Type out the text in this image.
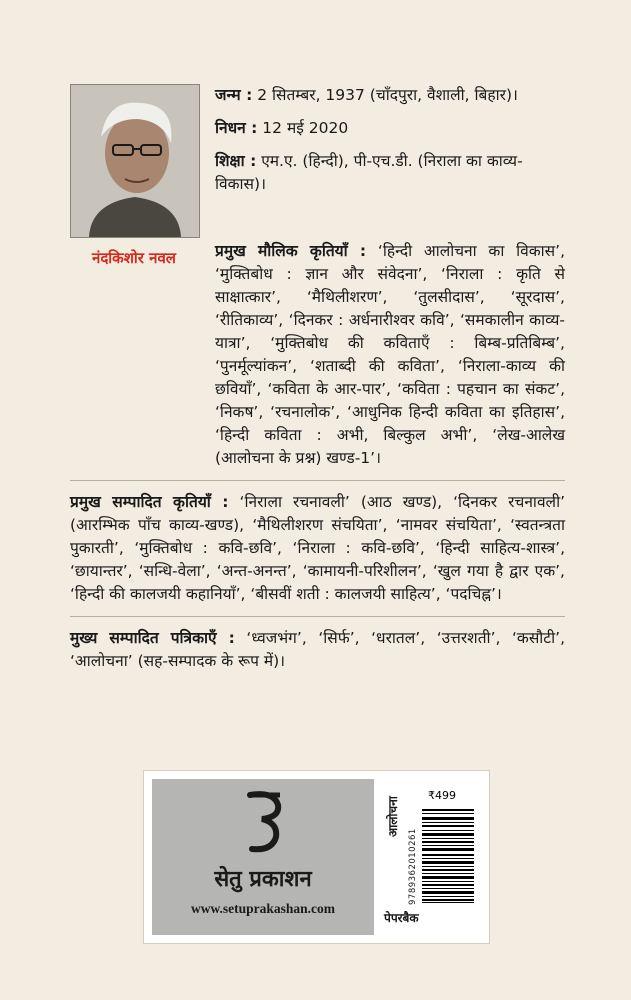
नंदकिशोर नवल

जन्म : 2 सितम्बर, 1937 (चाँदपुरा, वैशाली, बिहार)।

निधन : 12 मई 2020

शिक्षा : एम.ए. (हिन्दी), पी-एच.डी. (निराला का काव्य-विकास)।

प्रमुख मौलिक कृतियाँ : ‘हिन्दी आलोचना का विकास’, ‘मुक्तिबोध : ज्ञान और संवेदना’, ‘निराला : कृति से साक्षात्कार’, ‘मैथिलीशरण’, ‘तुलसीदास’, ‘सूरदास’, ‘रीतिकाव्य’, ‘दिनकर : अर्धनारीश्वर कवि’, ‘समकालीन काव्य-यात्रा’, ‘मुक्तिबोध की कविताएँ : बिम्ब-प्रतिबिम्ब’, ‘पुनर्मूल्यांकन’, ‘शताब्दी की कविता’, ‘निराला-काव्य की छवियाँ’, ‘कविता के आर-पार’, ‘कविता : पहचान का संकट’, ‘निकष’, ‘रचनालोक’, ‘आधुनिक हिन्दी कविता का इतिहास’, ‘हिन्दी कविता : अभी, बिल्कुल अभी’, ‘लेख-आलेख (आलोचना के प्रश्न) खण्ड-1’।

प्रमुख सम्पादित कृतियाँ : ‘निराला रचनावली’ (आठ खण्ड), ‘दिनकर रचनावली’ (आरम्भिक पाँच काव्य-खण्ड), ‘मैथिलीशरण संचयिता’, ‘नामवर संचयिता’, ‘स्वतन्त्रता पुकारती’, ‘मुक्तिबोध : कवि-छवि’, ‘निराला : कवि-छवि’, ‘हिन्दी साहित्य-शास्त्र’, ‘छायान्तर’, ‘सन्धि-वेला’, ‘अन्त-अनन्त’, ‘कामायनी-परिशीलन’, ‘खुल गया है द्वार एक’, ‘हिन्दी की कालजयी कहानियाँ’, ‘बीसवीं शती : कालजयी साहित्य’, ‘पदचिह्न’।

मुख्य सम्पादित पत्रिकाएँ : ‘ध्वजभंग’, ‘सिर्फ’, ‘धरातल’, ‘उत्तरशती’, ‘कसौटी’, ‘आलोचना’ (सह-सम्पादक के रूप में)।

सेतु प्रकाशन
www.setuprakashan.com
आलोचना
₹499
9789362010261
पेपरबैक
